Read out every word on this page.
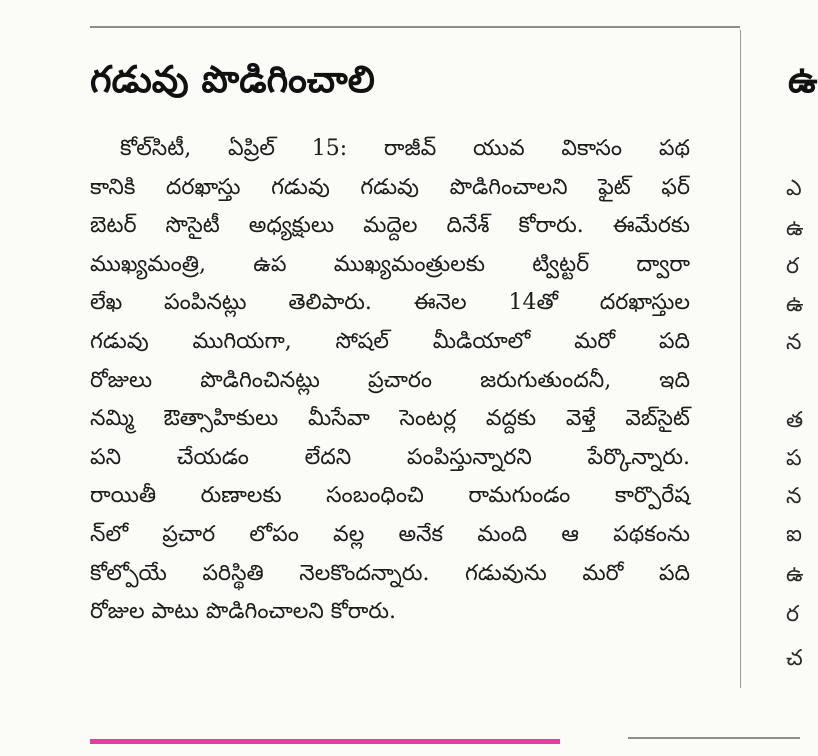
గడువు పొడిగించాలి
కోల్‌సిటీ, ఏప్రిల్ 15: రాజీవ్ యువ వికాసం పథ
కానికి దరఖాస్తు గడువు గడువు పొడిగించాలని ఫైట్ ఫర్
బెటర్ సొసైటీ అధ్యక్షులు మద్దెల దినేశ్ కోరారు. ఈమేరకు
ముఖ్యమంత్రి, ఉప ముఖ్యమంత్రులకు ట్విట్టర్ ద్వారా
లేఖ పంపినట్లు తెలిపారు. ఈనెల 14తో దరఖాస్తుల
గడువు ముగియగా, సోషల్ మీడియాలో మరో పది
రోజులు పొడిగించినట్లు ప్రచారం జరుగుతుందనీ, ఇది
నమ్మి ఔత్సాహికులు మీసేవా సెంటర్ల వద్దకు వెళ్తే వెబ్‌సైట్
పని చేయడం లేదని పంపిస్తున్నారని పేర్కొన్నారు.
రాయితీ రుణాలకు సంబంధించి రామగుండం కార్పొరేష
న్‌లో ప్రచార లోపం వల్ల అనేక మంది ఆ పథకంను
కోల్పోయే పరిస్థితి నెలకొందన్నారు. గడువును మరో పది
రోజుల పాటు పొడిగించాలని కోరారు.
ఉ
ఎ
ఉ
ర
ఉ
న
త
ప
న
ఐ
ఉ
ర
చ
